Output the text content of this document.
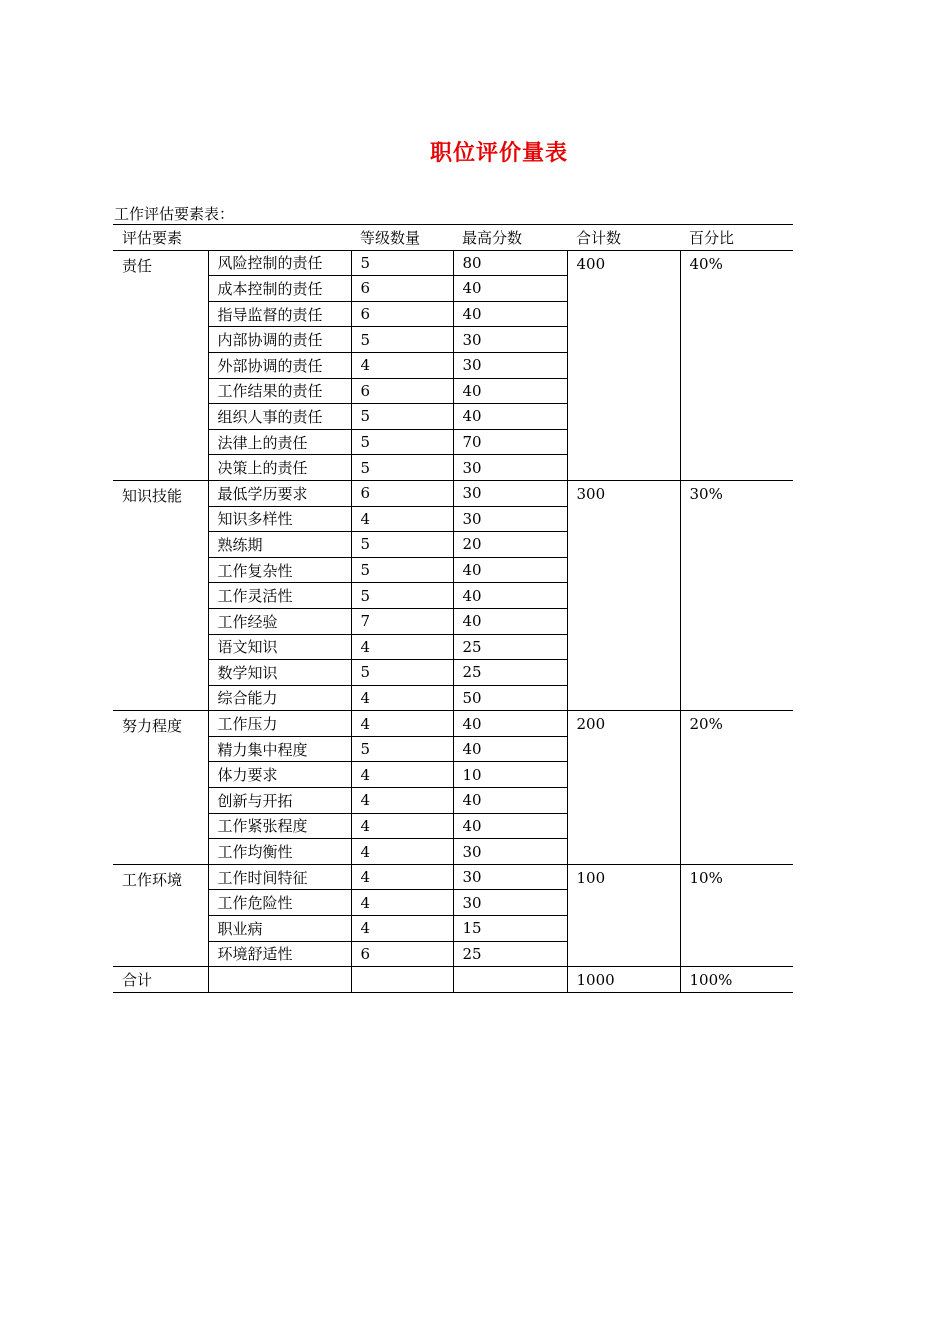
职位评价量表
工作评估要素表：
评估要素		等级数量	最高分数	合计数	百分比
责任	风险控制的责任	5	80	400	40%
	成本控制的责任	6	40		
	指导监督的责任	6	40		
	内部协调的责任	5	30		
	外部协调的责任	4	30		
	工作结果的责任	6	40		
	组织人事的责任	5	40		
	法律上的责任	5	70		
	决策上的责任	5	30		
知识技能	最低学历要求	6	30	300	30%
	知识多样性	4	30		
	熟练期	5	20		
	工作复杂性	5	40		
	工作灵活性	5	40		
	工作经验	7	40		
	语文知识	4	25		
	数学知识	5	25		
	综合能力	4	50		
努力程度	工作压力	4	40	200	20%
	精力集中程度	5	40		
	体力要求	4	10		
	创新与开拓	4	40		
	工作紧张程度	4	40		
	工作均衡性	4	30		
工作环境	工作时间特征	4	30	100	10%
	工作危险性	4	30		
	职业病	4	15		
	环境舒适性	6	25		
合计				1000	100%
